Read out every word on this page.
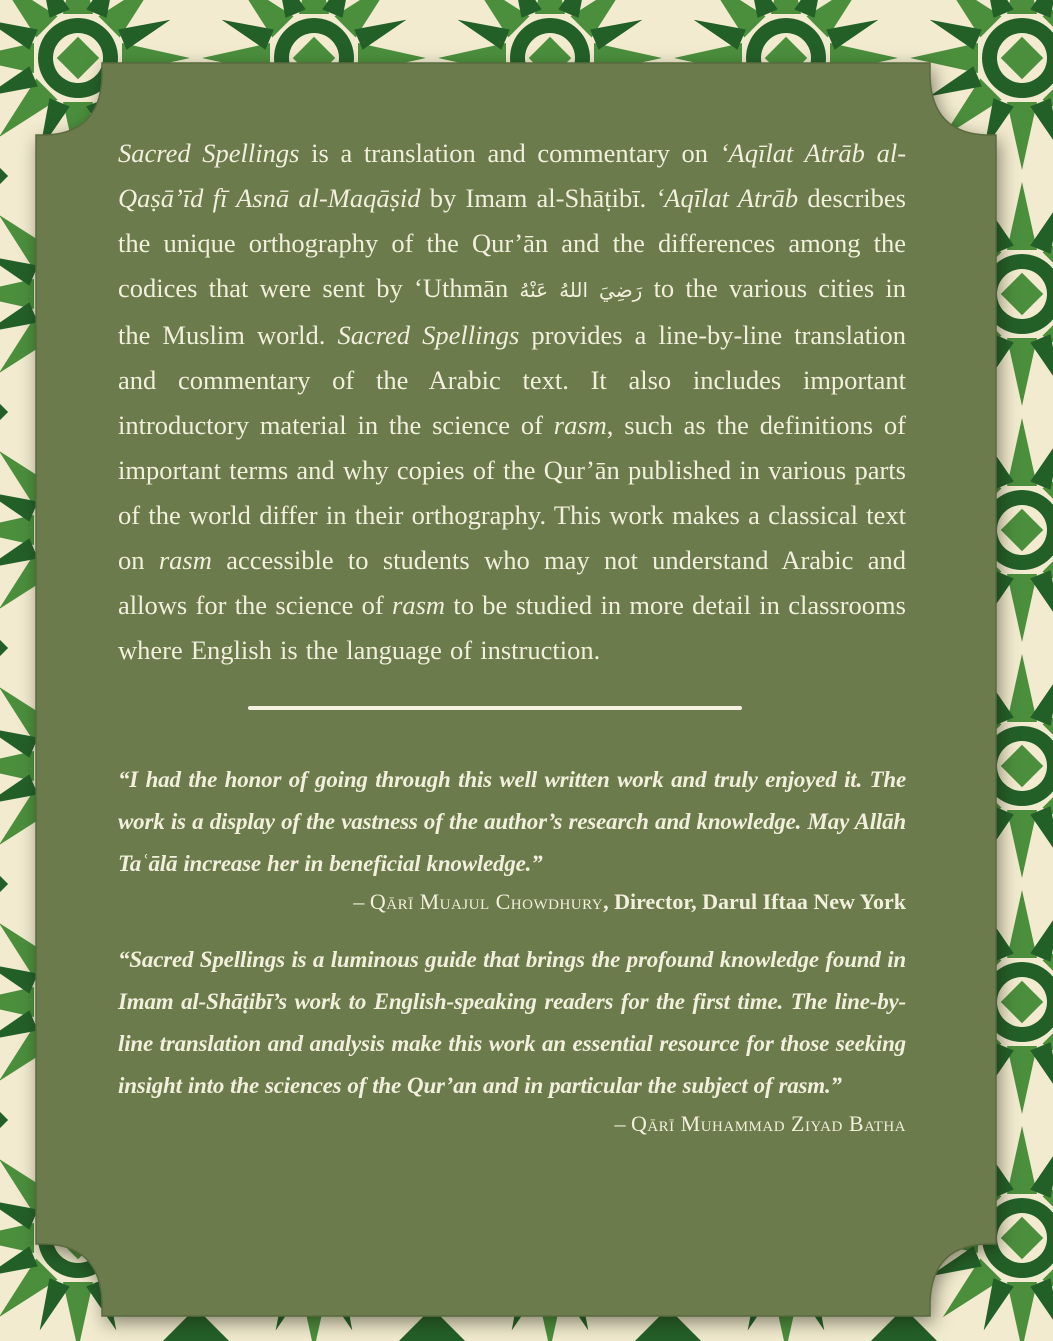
Sacred Spellings is a translation and commentary on ‘Aqīlat Atrāb al-Qaṣā’īd fī Asnā al-Maqāṣid by Imam al-Shāṭibī. ‘Aqīlat Atrāb describes the unique orthography of the Qur’ān and the differences among the codices that were sent by ‘Uthmān رَضِيَ اللهُ عَنْهُ to the various cities in the Muslim world. Sacred Spellings provides a line-by-line translation and commentary of the Arabic text. It also includes important introductory material in the science of rasm, such as the definitions of important terms and why copies of the Qur’ān published in various parts of the world differ in their orthography. This work makes a classical text on rasm accessible to students who may not understand Arabic and allows for the science of rasm to be studied in more detail in classrooms where English is the language of instruction.

“I had the honor of going through this well written work and truly enjoyed it. The work is a display of the vastness of the author’s research and knowledge. May Allāh Taʿālā increase her in beneficial knowledge.”

– Qārī Muajul Chowdhury, Director, Darul Iftaa New York

“Sacred Spellings is a luminous guide that brings the profound knowledge found in Imam al-Shāṭibī’s work to English-speaking readers for the first time. The line-by-line translation and analysis make this work an essential resource for those seeking insight into the sciences of the Qur’an and in particular the subject of rasm.”

– Qārī Muhammad Ziyad Batha
